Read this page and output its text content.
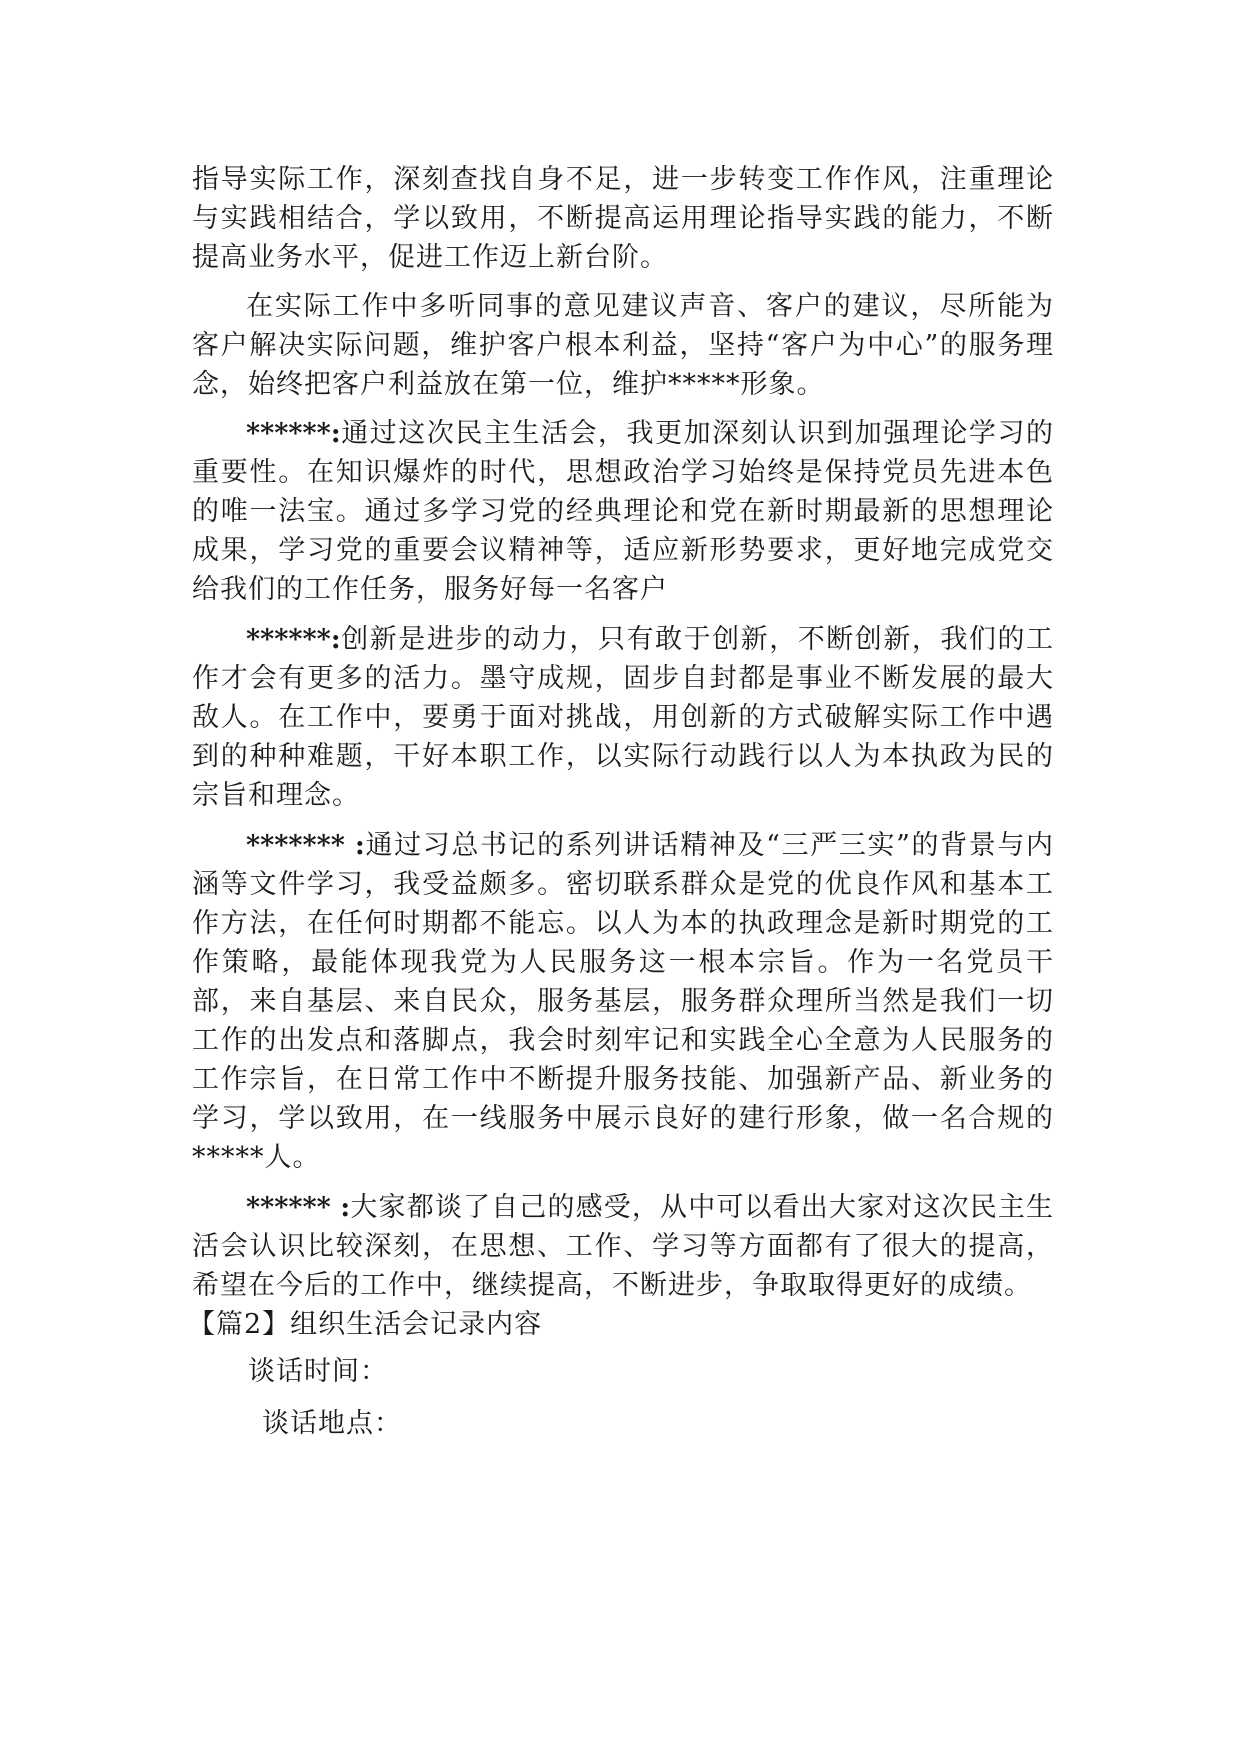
指导实际工作，深刻查找自身不足，进一步转变工作作风，注重理论与实践相结合，学以致用，不断提高运用理论指导实践的能力，不断提高业务水平，促进工作迈上新台阶。

在实际工作中多听同事的意见建议声音、客户的建议，尽所能为客户解决实际问题，维护客户根本利益，坚持“客户为中心”的服务理念，始终把客户利益放在第一位，维护*****形象。

******:通过这次民主生活会，我更加深刻认识到加强理论学习的重要性。在知识爆炸的时代，思想政治学习始终是保持党员先进本色的唯一法宝。通过多学习党的经典理论和党在新时期最新的思想理论成果，学习党的重要会议精神等，适应新形势要求，更好地完成党交给我们的工作任务，服务好每一名客户

******:创新是进步的动力，只有敢于创新，不断创新，我们的工作才会有更多的活力。墨守成规，固步自封都是事业不断发展的最大敌人。在工作中，要勇于面对挑战，用创新的方式破解实际工作中遇到的种种难题，干好本职工作，以实际行动践行以人为本执政为民的宗旨和理念。

******* :通过习总书记的系列讲话精神及“三严三实”的背景与内涵等文件学习，我受益颇多。密切联系群众是党的优良作风和基本工作方法，在任何时期都不能忘。以人为本的执政理念是新时期党的工作策略，最能体现我党为人民服务这一根本宗旨。作为一名党员干部，来自基层、来自民众，服务基层，服务群众理所当然是我们一切工作的出发点和落脚点，我会时刻牢记和实践全心全意为人民服务的工作宗旨，在日常工作中不断提升服务技能、加强新产品、新业务的学习，学以致用，在一线服务中展示良好的建行形象，做一名合规的*****人。

****** :大家都谈了自己的感受，从中可以看出大家对这次民主生活会认识比较深刻，在思想、工作、学习等方面都有了很大的提高，希望在今后的工作中，继续提高，不断进步，争取取得更好的成绩。

【篇2】组织生活会记录内容

谈话时间：

谈话地点：
